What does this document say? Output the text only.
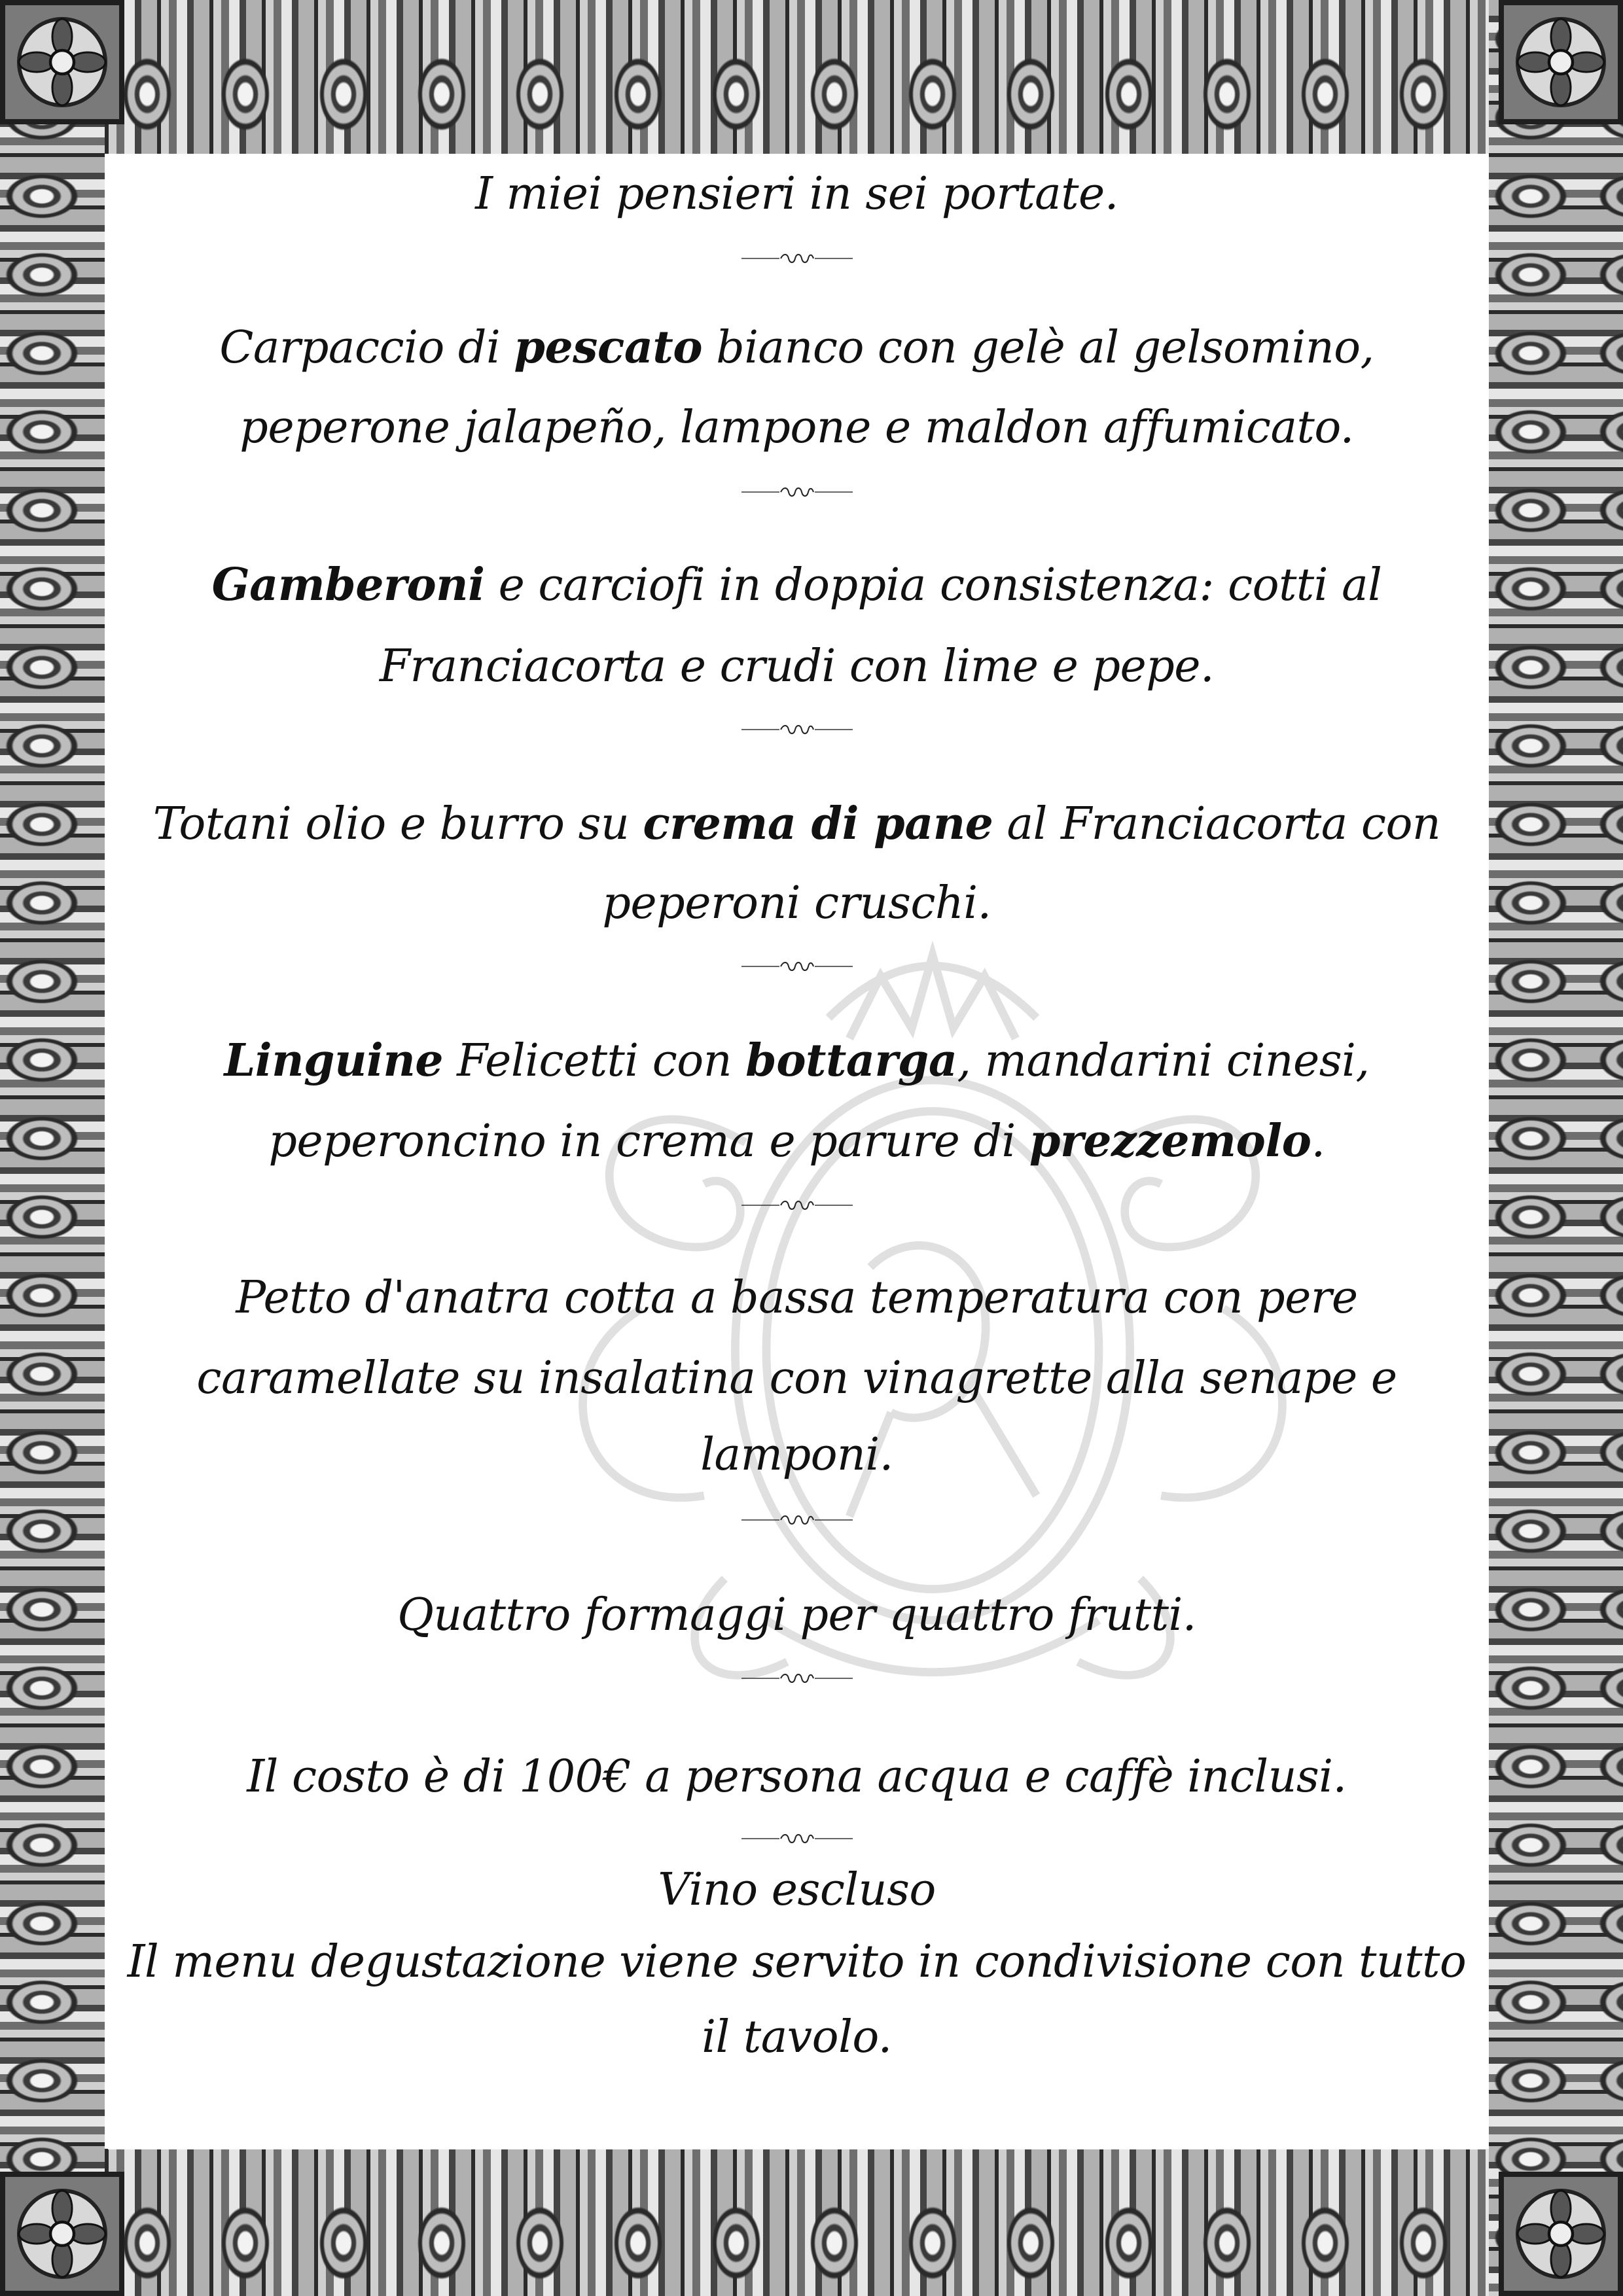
I miei pensieri in sei portate.
Carpaccio di pescato bianco con gelè al gelsomino,
peperone jalapeño, lampone e maldon affumicato.
Gamberoni e carciofi in doppia consistenza: cotti al
Franciacorta e crudi con lime e pepe.
Totani olio e burro su crema di pane al Franciacorta con
peperoni cruschi.
Linguine Felicetti con bottarga, mandarini cinesi,
peperoncino in crema e parure di prezzemolo.
Petto d'anatra cotta a bassa temperatura con pere
caramellate su insalatina con vinagrette alla senape e
lamponi.
Quattro formaggi per quattro frutti.
Il costo è di 100€ a persona acqua e caffè inclusi.
Vino escluso
Il menu degustazione viene servito in condivisione con tutto
il tavolo.
